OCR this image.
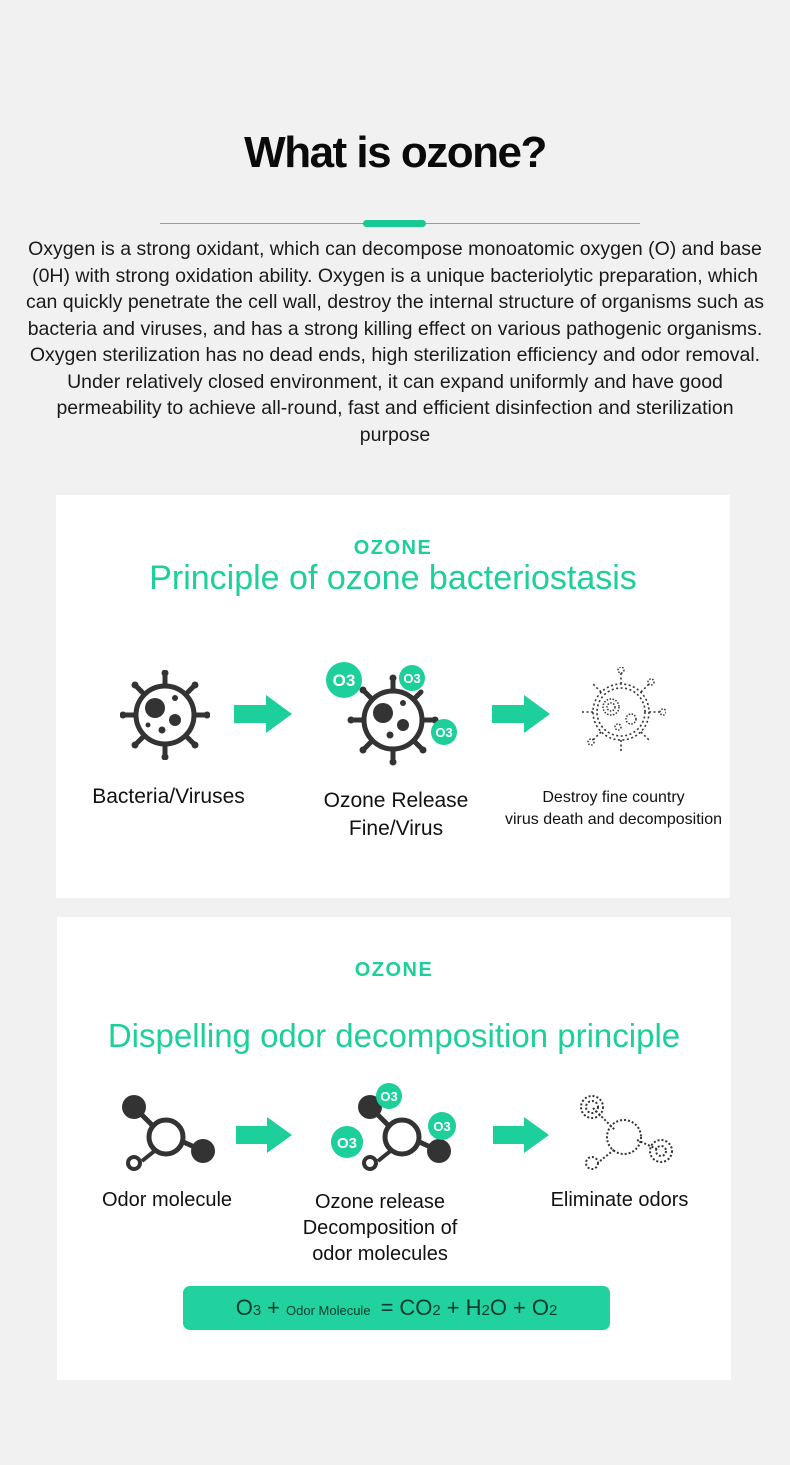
What is ozone?
Oxygen is a strong oxidant, which can decompose monoatomic oxygen (O) and base (0H) with strong oxidation ability. Oxygen is a unique bacteriolytic preparation, which can quickly penetrate the cell wall, destroy the internal structure of organisms such as bacteria and viruses, and has a strong killing effect on various pathogenic organisms. Oxygen sterilization has no dead ends, high sterilization efficiency and odor removal. Under relatively closed environment, it can expand uniformly and have good permeability to achieve all-round, fast and efficient disinfection and sterilization purpose
OZONE
Principle of ozone bacteriostasis
Bacteria/Viruses
O3	O3
O3
Ozone Release
Fine/Virus
Destroy fine country
virus death and decomposition
OZONE
Dispelling odor decomposition principle
Odor molecule
O3
O3
O3
Ozone release
Decomposition of
odor molecules
Eliminate odors
O 3 + Odor Molecule = CO 2 + H 2 O + O 2
